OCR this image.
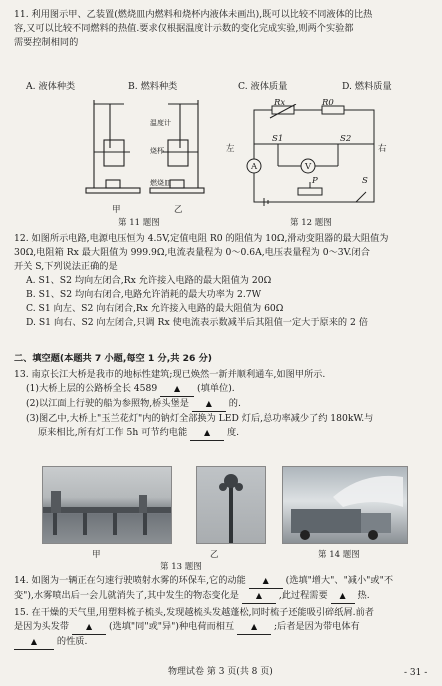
11. 利用图示甲、乙装置(燃烧皿内燃料和烧杯内液体未画出),既可以比较不同液体的比热
容,又可以比较不同燃料的热值.要求仅根据温度计示数的变化完成实验,则两个实验都
需要控制相同的
A. 液体种类	B. 燃料种类	C. 液体质量	D. 燃料质量
温度计
烧杯
燃烧皿
甲	乙
第 11 题图
Rx	R0
S1	S2
左	右
A	V
P	S
第 12 题图
12. 如图所示电路,电源电压恒为 4.5V,定值电阻 R0 的阻值为 10Ω,滑动变阻器的最大阻值为
30Ω,电阻箱 Rx 最大阻值为 999.9Ω,电流表量程为 0～0.6A,电压表量程为 0～3V.闭合
开关 S,下列说法正确的是
A. S1、S2 均向左闭合,Rx 允许接入电路的最大阻值为 20Ω
B. S1、S2 均向右闭合,电路允许消耗的最大功率为 2.7W
C. S1 向左、S2 向右闭合,Rx 允许接入电路的最大阻值为 60Ω
D. S1 向右、S2 向左闭合,只调 Rx 使电流表示数减半后其阻值一定大于原来的 2 倍
二、填空题(本题共 7 小题,每空 1 分,共 26 分)
13. 南京长江大桥是我市的地标性建筑;现已焕然一新并顺利通车,如图甲所示.
(1)大桥上层的公路桥全长 4589 ▲ (填单位).
(2)以江面上行驶的船为参照物,桥头堡是 ▲ 的.
(3)图乙中,大桥上"玉兰花灯"内的钠灯全部换为 LED 灯后,总功率减少了约 180kW.与
原来相比,所有灯工作 5h 可节约电能 ▲ 度.
甲	乙
第 13 题图
第 14 题图
14. 如图为一辆正在匀速行驶喷射水雾的环保车,它的动能 ▲ (选填"增大"、"减小"或"不
变"),水雾喷出后一会儿就消失了,其中发生的物态变化是 ▲ ,此过程需要 ▲ 热.
15. 在干燥的天气里,用塑料梳子梳头,发现越梳头发越蓬松,同时梳子还能吸引碎纸屑.前者
是因为头发带 ▲ (选填"同"或"异")种电荷而相互 ▲ ;后者是因为带电体有
▲ 的性质.
物理试卷 第 3 页(共 8 页)	- 31 -
